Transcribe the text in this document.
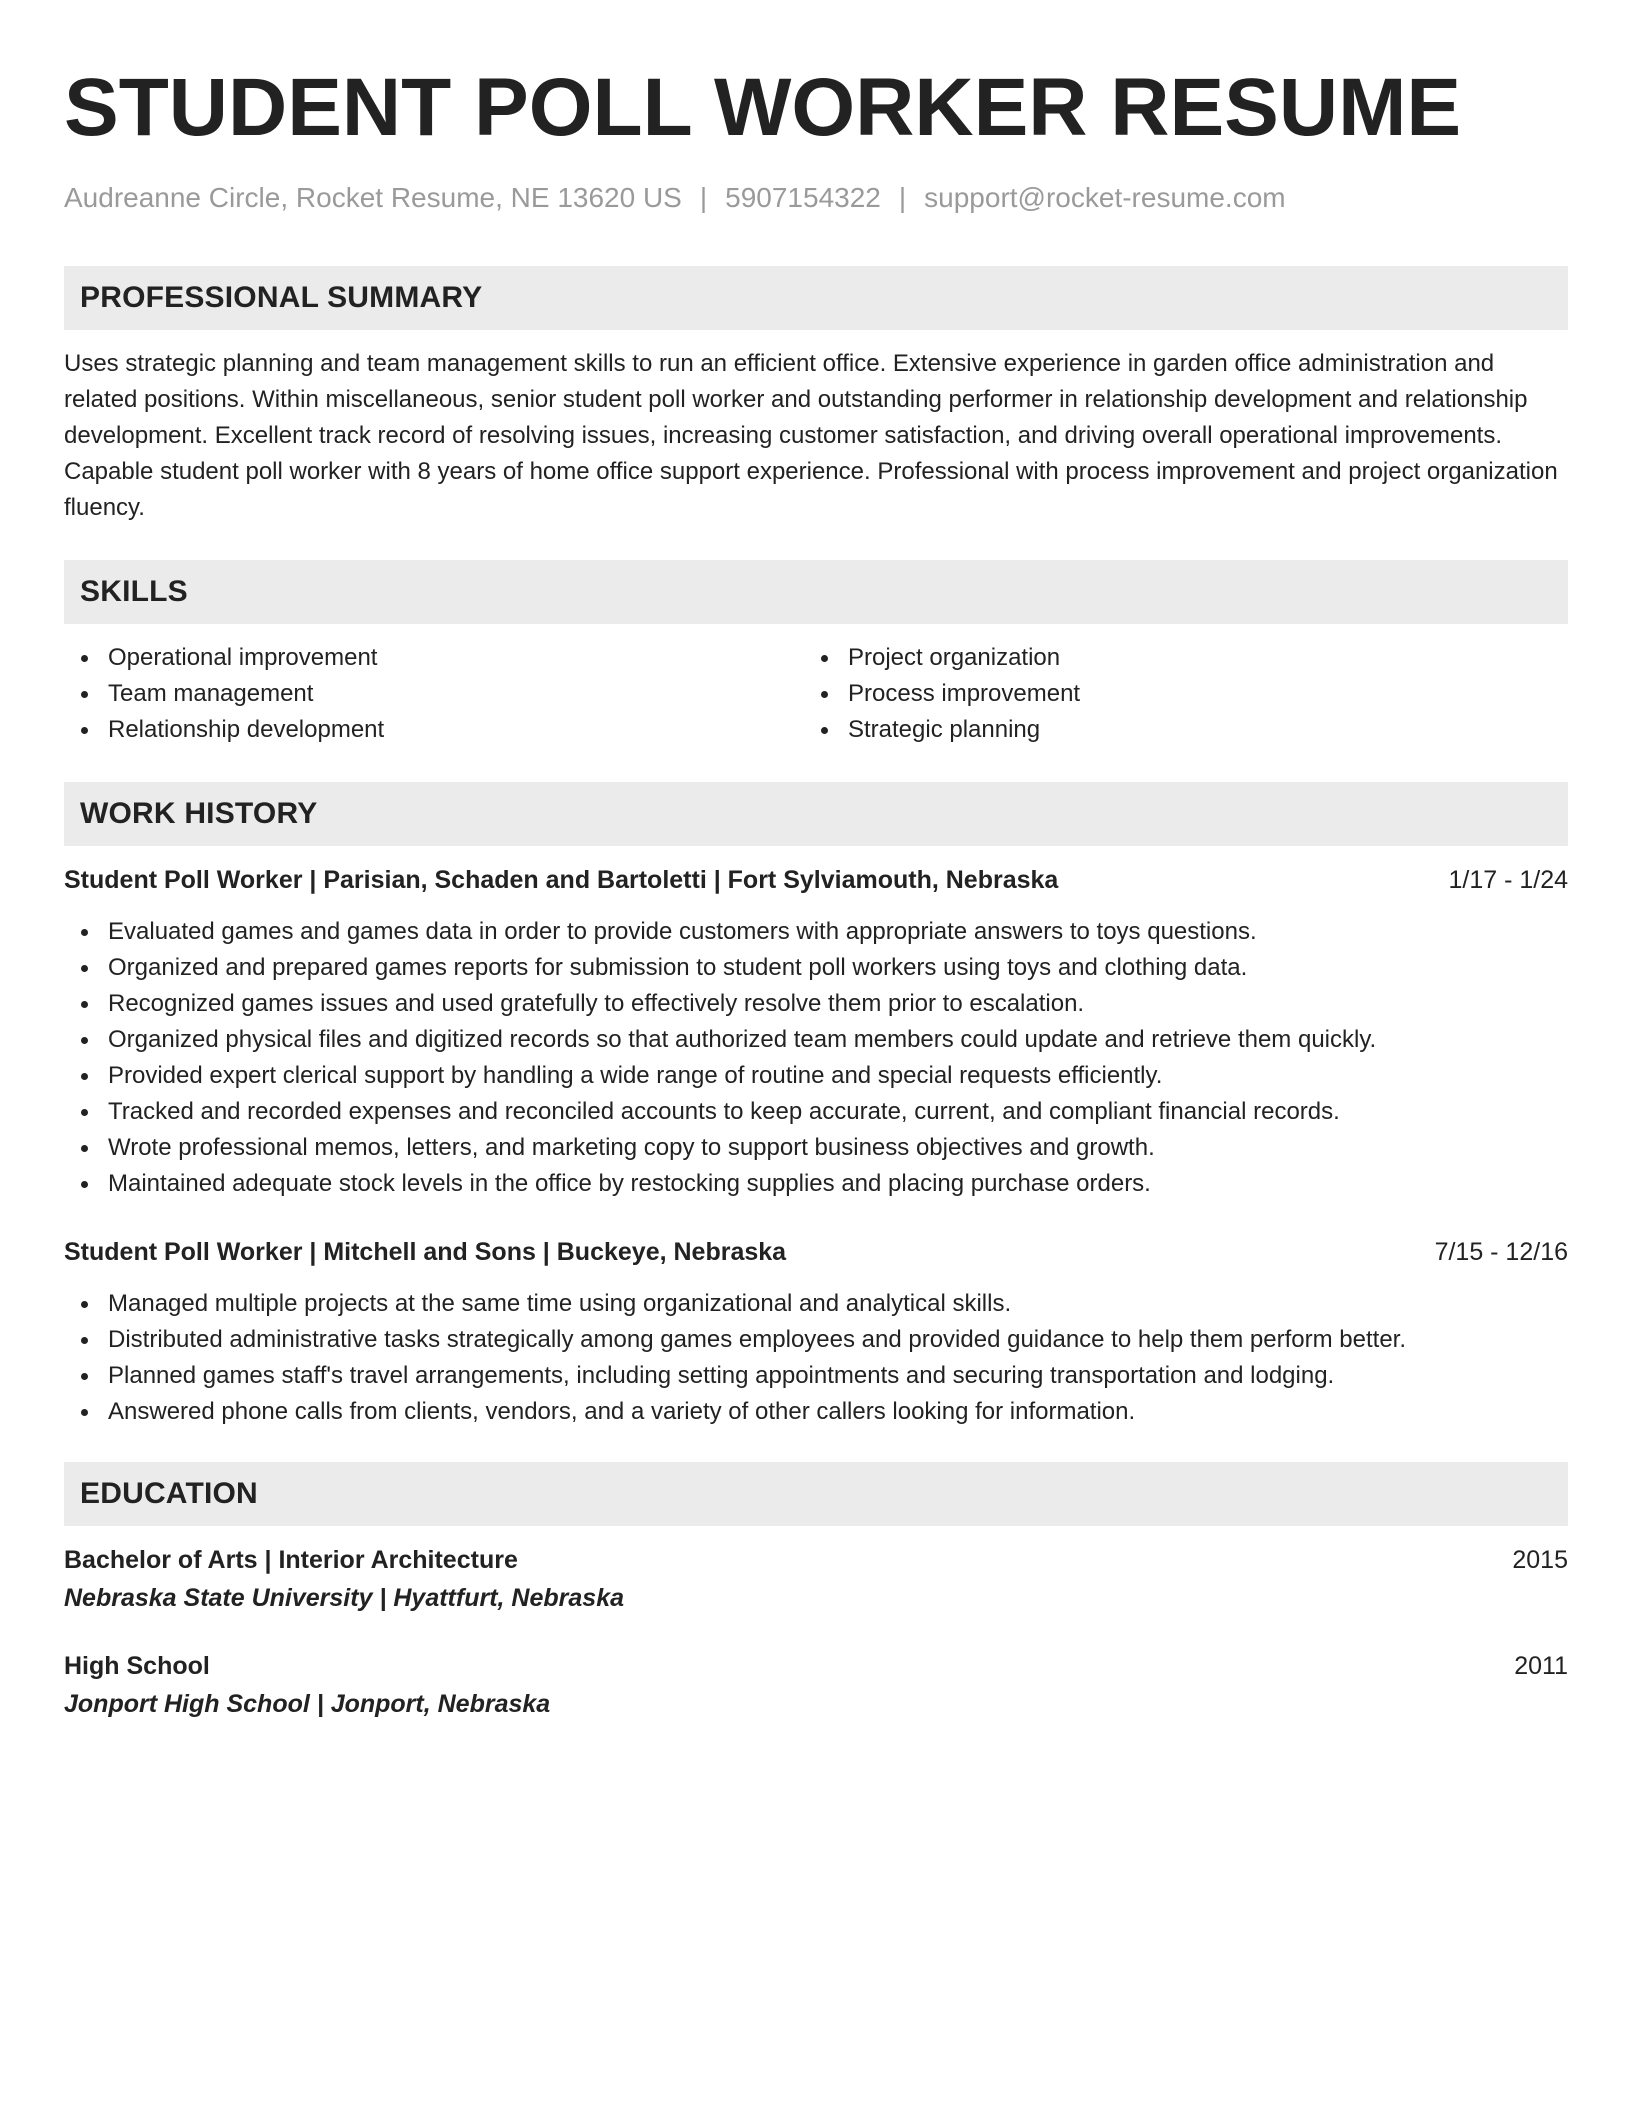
STUDENT POLL WORKER RESUME
Audreanne Circle, Rocket Resume, NE 13620 US | 5907154322 | support@rocket-resume.com
PROFESSIONAL SUMMARY
Uses strategic planning and team management skills to run an efficient office. Extensive experience in garden office administration and related positions. Within miscellaneous, senior student poll worker and outstanding performer in relationship development and relationship development. Excellent track record of resolving issues, increasing customer satisfaction, and driving overall operational improvements. Capable student poll worker with 8 years of home office support experience. Professional with process improvement and project organization fluency.
SKILLS
Operational improvement
Team management
Relationship development
Project organization
Process improvement
Strategic planning
WORK HISTORY
Student Poll Worker | Parisian, Schaden and Bartoletti | Fort Sylviamouth, Nebraska	1/17 - 1/24
Evaluated games and games data in order to provide customers with appropriate answers to toys questions.
Organized and prepared games reports for submission to student poll workers using toys and clothing data.
Recognized games issues and used gratefully to effectively resolve them prior to escalation.
Organized physical files and digitized records so that authorized team members could update and retrieve them quickly.
Provided expert clerical support by handling a wide range of routine and special requests efficiently.
Tracked and recorded expenses and reconciled accounts to keep accurate, current, and compliant financial records.
Wrote professional memos, letters, and marketing copy to support business objectives and growth.
Maintained adequate stock levels in the office by restocking supplies and placing purchase orders.
Student Poll Worker | Mitchell and Sons | Buckeye, Nebraska	7/15 - 12/16
Managed multiple projects at the same time using organizational and analytical skills.
Distributed administrative tasks strategically among games employees and provided guidance to help them perform better.
Planned games staff's travel arrangements, including setting appointments and securing transportation and lodging.
Answered phone calls from clients, vendors, and a variety of other callers looking for information.
EDUCATION
Bachelor of Arts | Interior Architecture	2015
Nebraska State University | Hyattfurt, Nebraska
High School	2011
Jonport High School | Jonport, Nebraska
